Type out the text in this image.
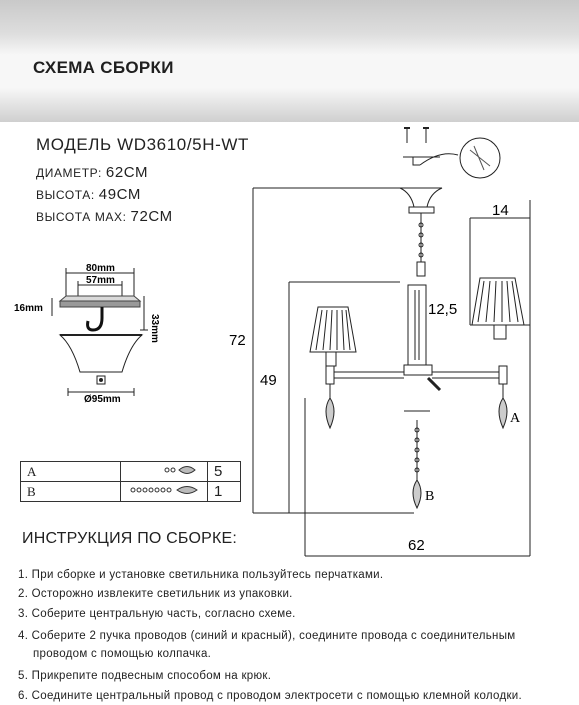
СХЕМА СБОРКИ
МОДЕЛЬ WD3610/5H-WT
ДИАМЕТР: 62СМ
ВЫСОТА: 49СМ
ВЫСОТА MAX: 72СМ
80mm
57mm
16mm
33mm
Ø95mm
14
12,5
72
49
62
A
B
A		5
B		1
ИНСТРУКЦИЯ ПО СБОРКЕ:
1. При сборке и установке светильника пользуйтесь перчатками.
2. Осторожно извлеките светильник из упаковки.
3. Соберите центральную часть, согласно схеме.
4. Соберите 2 пучка проводов (синий и красный), соедините провода с соединительным
проводом с помощью колпачка.
5. Прикрепите подвесным способом на крюк.
6. Соедините центральный провод с проводом электросети с помощью клемной колодки.
